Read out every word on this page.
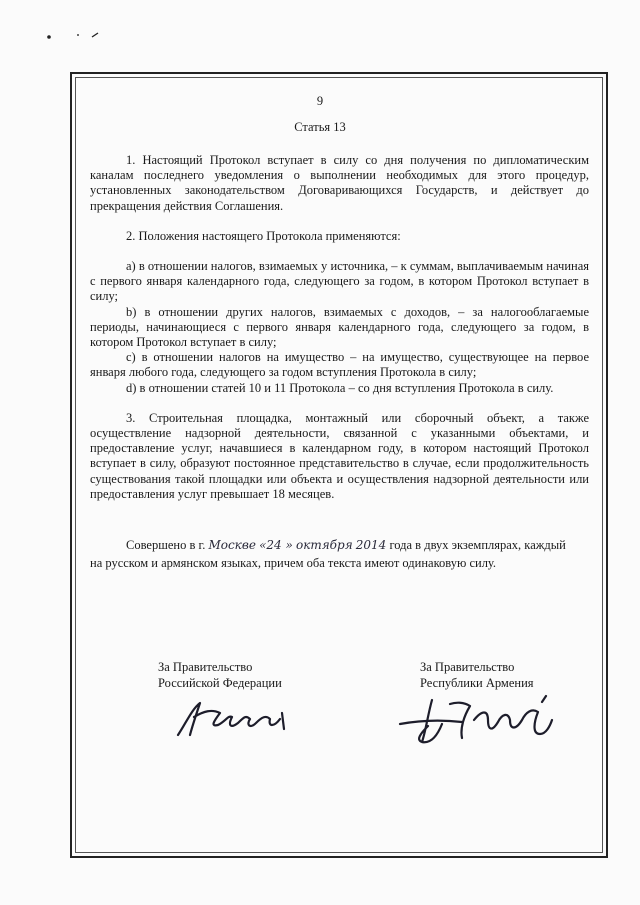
9
Статья 13

1. Настоящий Протокол вступает в силу со дня получения по дипломатическим каналам последнего уведомления о выполнении необходимых для этого процедур, установленных законодательством Договаривающихся Государств, и действует до прекращения действия Соглашения.

2. Положения настоящего Протокола применяются:

а) в отношении налогов, взимаемых у источника, – к суммам, выплачиваемым начиная с первого января календарного года, следующего за годом, в котором Протокол вступает в силу;

b) в отношении других налогов, взимаемых с доходов, – за налогооблагаемые периоды, начинающиеся с первого января календарного года, следующего за годом, в котором Протокол вступает в силу;

c) в отношении налогов на имущество – на имущество, существующее на первое января любого года, следующего за годом вступления Протокола в силу;

d) в отношении статей 10 и 11 Протокола – со дня вступления Протокола в силу.

3. Строительная площадка, монтажный или сборочный объект, а также осуществление надзорной деятельности, связанной с указанными объектами, и предоставление услуг, начавшиеся в календарном году, в котором настоящий Протокол вступает в силу, образуют постоянное представительство в случае, если продолжительность существования такой площадки или объекта и осуществления надзорной деятельности или предоставления услуг превышает 18 месяцев.

Совершено в г. Москве «24 » октября 2014 года в двух экземплярах, каждый
на русском и армянском языках, причем оба текста имеют одинаковую силу.
За Правительство
Российской Федерации
За Правительство
Республики Армения
